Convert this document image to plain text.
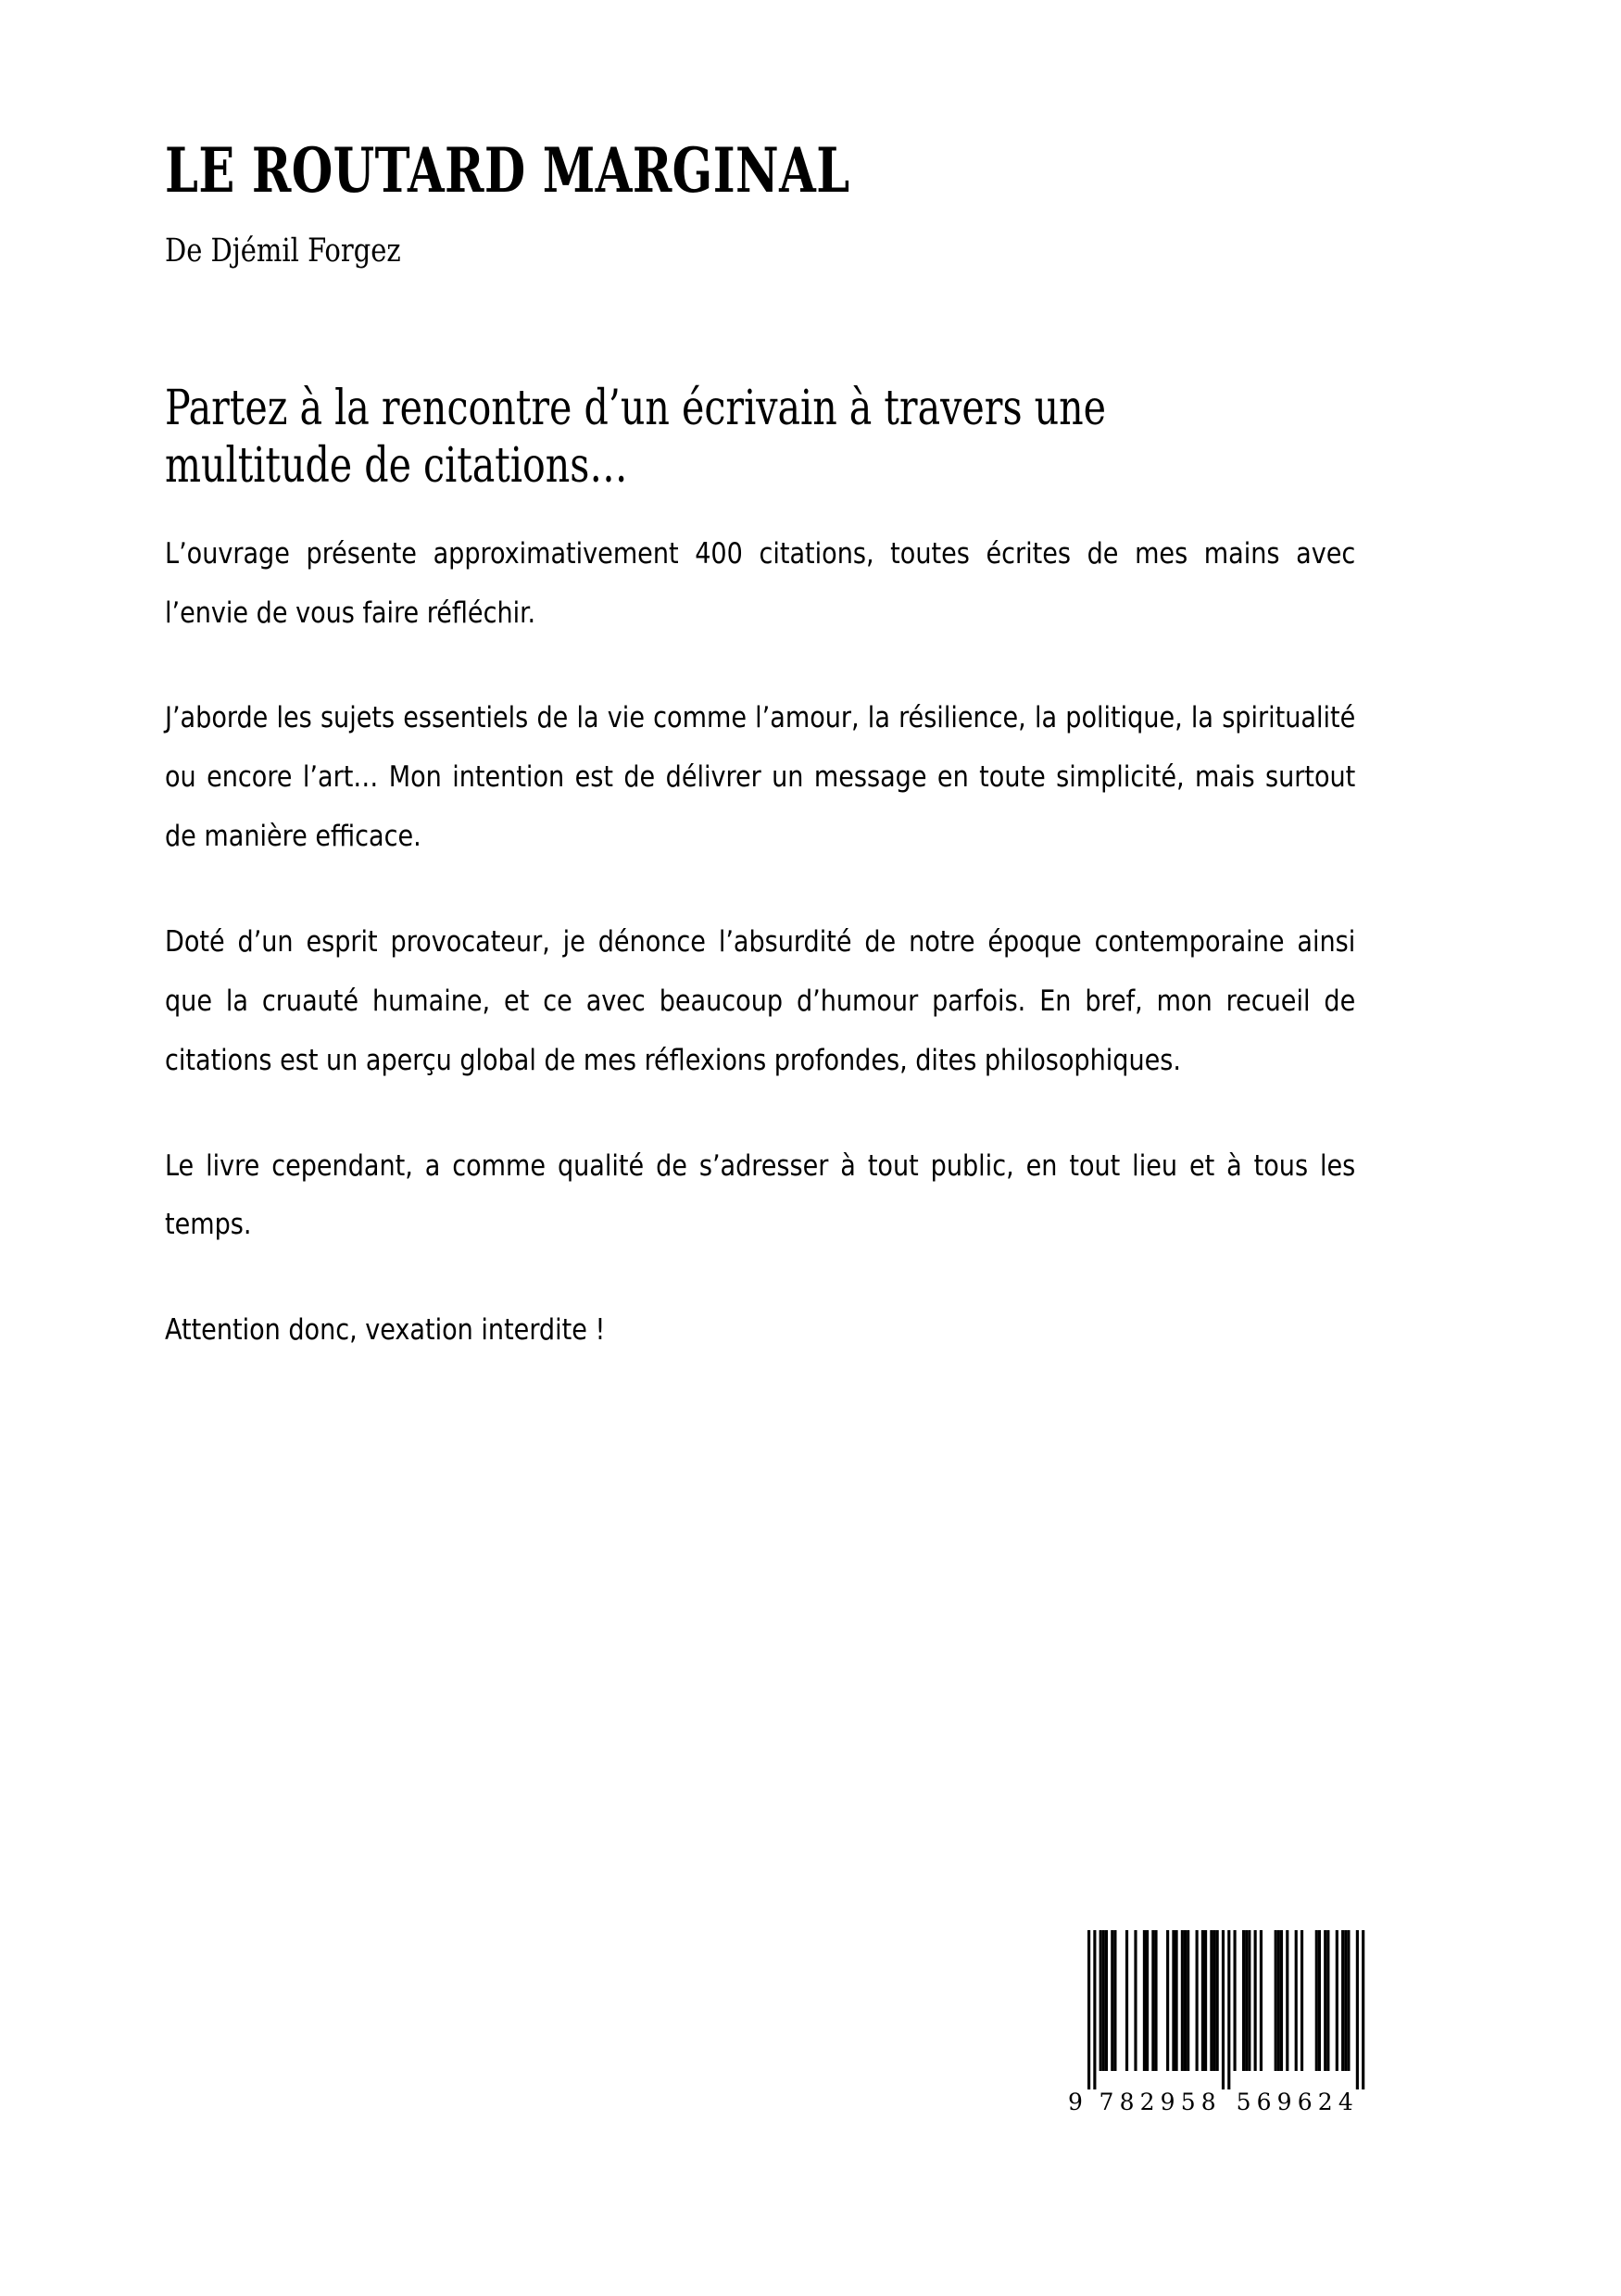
LE ROUTARD MARGINAL
De Djémil Forgez
Partez à la rencontre d’un écrivain à travers une multitude de citations…

L’ouvrage présente approximativement 400 citations, toutes écrites de mes mains avec l’envie de vous faire réfléchir.

J’aborde les sujets essentiels de la vie comme l’amour, la résilience, la politique, la spiritualité ou encore l’art… Mon intention est de délivrer un message en toute simplicité, mais surtout de manière efficace.

Doté d’un esprit provocateur, je dénonce l’absurdité de notre époque contemporaine ainsi que la cruauté humaine, et ce avec beaucoup d’humour parfois. En bref, mon recueil de citations est un aperçu global de mes réflexions profondes, dites philosophiques.

Le livre cependant, a comme qualité de s’adresser à tout public, en tout lieu et à tous les temps.

Attention donc, vexation interdite !

9 7 8 2 9 5 8 5 6 9 6 2 4
